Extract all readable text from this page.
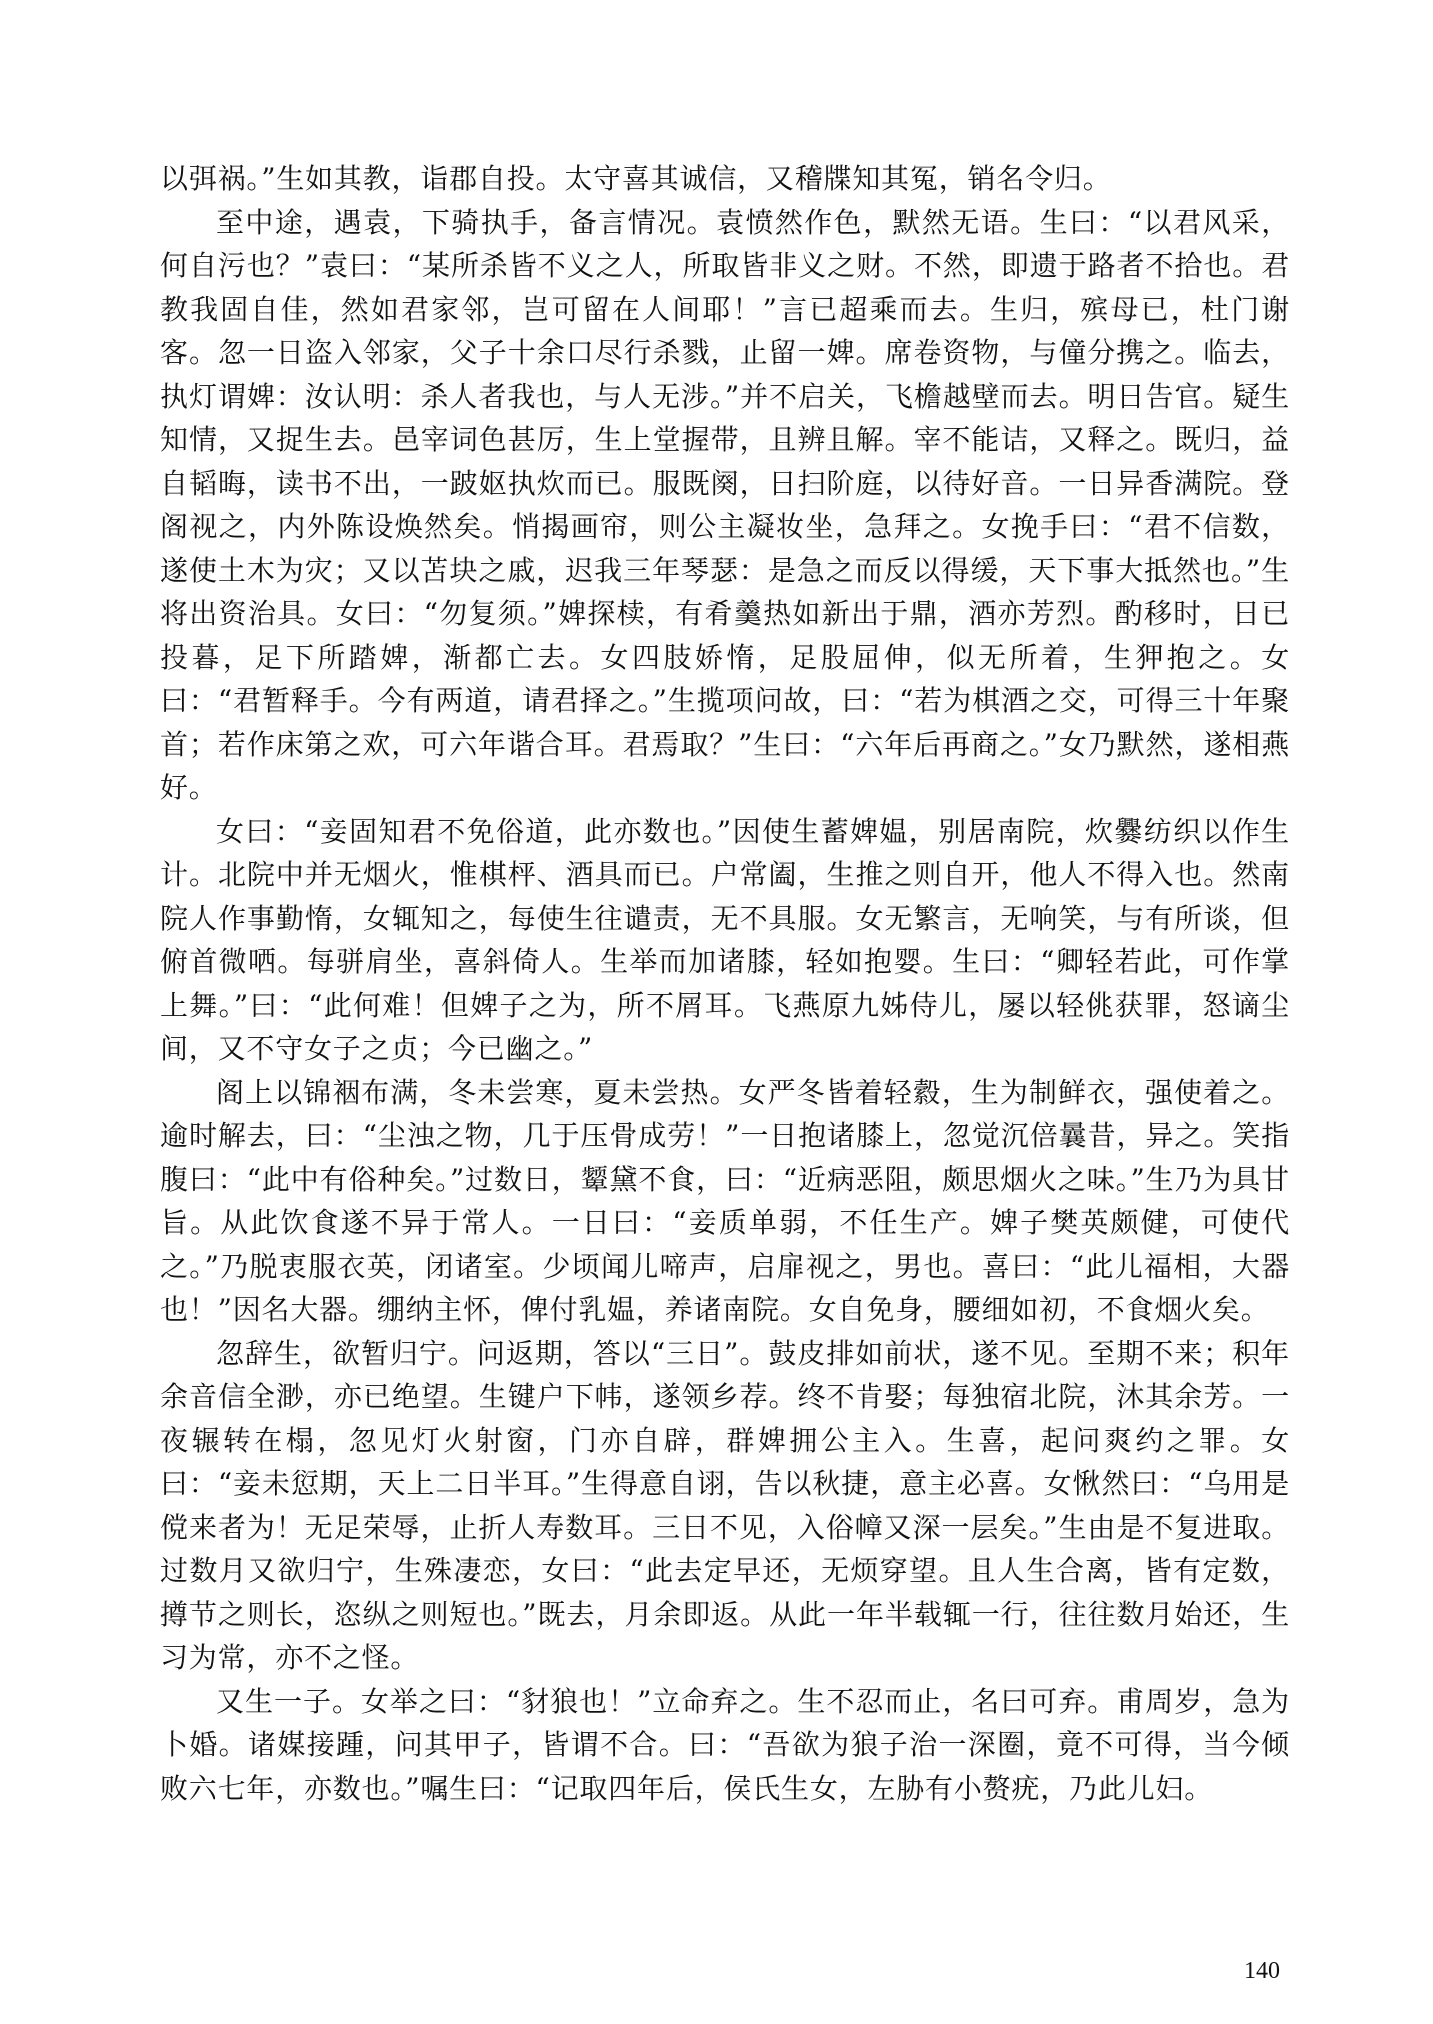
以弭祸。”生如其教，诣郡自投。太守喜其诚信，又稽牒知其冤，销名令归。

至中途，遇袁，下骑执手，备言情况。袁愤然作色，默然无语。生曰：“以君风采，何自污也？”袁曰：“某所杀皆不义之人，所取皆非义之财。不然，即遗于路者不拾也。君教我固自佳，然如君家邻，岂可留在人间耶！”言已超乘而去。生归，殡母已，杜门谢客。忽一日盗入邻家，父子十余口尽行杀戮，止留一婢。席卷资物，与僮分携之。临去，执灯谓婢：汝认明：杀人者我也，与人无涉。”并不启关，飞檐越壁而去。明日告官。疑生知情，又捉生去。邑宰词色甚厉，生上堂握带，且辨且解。宰不能诘，又释之。既归，益自韬晦，读书不出，一跛妪执炊而已。服既阕，日扫阶庭，以待好音。一日异香满院。登阁视之，内外陈设焕然矣。悄揭画帘，则公主凝妆坐，急拜之。女挽手曰：“君不信数，遂使土木为灾；又以苫块之戚，迟我三年琴瑟：是急之而反以得缓，天下事大抵然也。”生将出资治具。女曰：“勿复须。”婢探椟，有肴羹热如新出于鼎，酒亦芳烈。酌移时，日已投暮，足下所踏婢，渐都亡去。女四肢娇惰，足股屈伸，似无所着，生狎抱之。女曰：“君暂释手。今有两道，请君择之。”生揽项问故，曰：“若为棋酒之交，可得三十年聚首；若作床第之欢，可六年谐合耳。君焉取？”生曰：“六年后再商之。”女乃默然，遂相燕好。

女曰：“妾固知君不免俗道，此亦数也。”因使生蓄婢媪，别居南院，炊爨纺织以作生计。北院中并无烟火，惟棋枰、酒具而已。户常阖，生推之则自开，他人不得入也。然南院人作事勤惰，女辄知之，每使生往谴责，无不具服。女无繁言，无响笑，与有所谈，但俯首微哂。每骈肩坐，喜斜倚人。生举而加诸膝，轻如抱婴。生曰：“卿轻若此，可作掌上舞。”曰：“此何难！但婢子之为，所不屑耳。飞燕原九姊侍儿，屡以轻佻获罪，怒谪尘间，又不守女子之贞；今已幽之。”

阁上以锦裀布满，冬未尝寒，夏未尝热。女严冬皆着轻縠，生为制鲜衣，强使着之。逾时解去，曰：“尘浊之物，几于压骨成劳！”一日抱诸膝上，忽觉沉倍曩昔，异之。笑指腹曰：“此中有俗种矣。”过数日，颦黛不食，曰：“近病恶阻，颇思烟火之味。”生乃为具甘旨。从此饮食遂不异于常人。一日曰：“妾质单弱，不任生产。婢子樊英颇健，可使代之。”乃脱衷服衣英，闭诸室。少顷闻儿啼声，启扉视之，男也。喜曰：“此儿福相，大器也！”因名大器。绷纳主怀，俾付乳媪，养诸南院。女自免身，腰细如初，不食烟火矣。

忽辞生，欲暂归宁。问返期，答以“三日”。鼓皮排如前状，遂不见。至期不来；积年余音信全渺，亦已绝望。生键户下帏，遂领乡荐。终不肯娶；每独宿北院，沐其余芳。一夜辗转在榻，忽见灯火射窗，门亦自辟，群婢拥公主入。生喜，起问爽约之罪。女曰：“妾未愆期，天上二日半耳。”生得意自诩，告以秋捷，意主必喜。女愀然曰：“乌用是傥来者为！无足荣辱，止折人寿数耳。三日不见，入俗幛又深一层矣。”生由是不复进取。过数月又欲归宁，生殊凄恋，女曰：“此去定早还，无烦穿望。且人生合离，皆有定数，撙节之则长，恣纵之则短也。”既去，月余即返。从此一年半载辄一行，往往数月始还，生习为常，亦不之怪。

又生一子。女举之曰：“豺狼也！”立命弃之。生不忍而止，名曰可弃。甫周岁，急为卜婚。诸媒接踵，问其甲子，皆谓不合。曰：“吾欲为狼子治一深圈，竟不可得，当今倾败六七年，亦数也。”嘱生曰：“记取四年后，侯氏生女，左胁有小赘疣，乃此儿妇。

140
